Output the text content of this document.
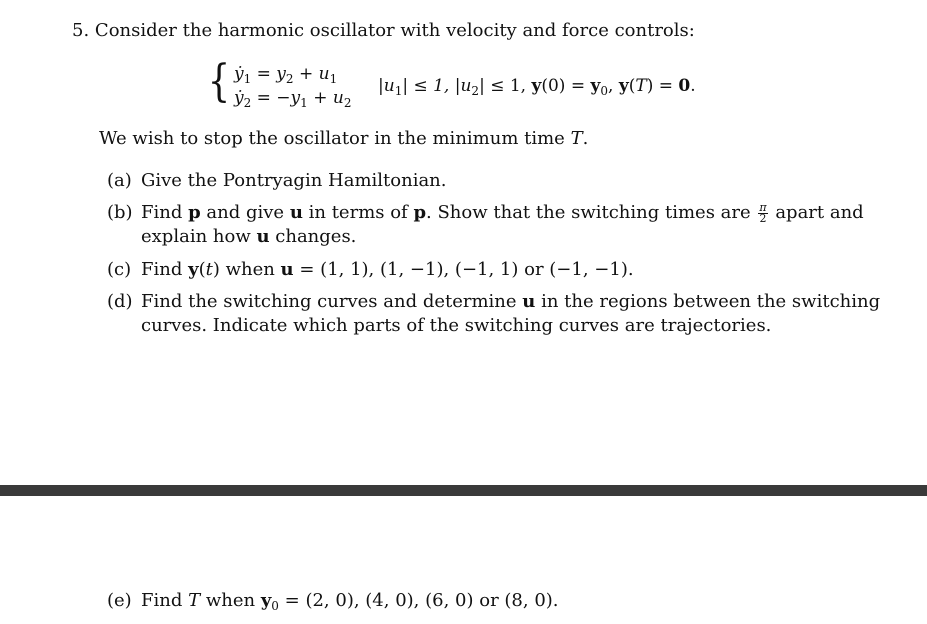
5. Consider the harmonic oscillator with velocity and force controls:
{ ẏ$_1$ = $y_2 + u_1$
ẏ$_2$ = $-y_1 + u_2$
$|u_1| \le 1$, $|u_2| \le 1$, $y(0) = y_0$, y(T) = 0.
We wish to stop the oscillator in the minimum time T.
(a) Give the Pontryagin Hamiltonian.
(b) Find p and give u in terms of p. Show that the switching times are $\frac{\pi}{2}$ apart and
explain how u changes.
(c) Find y(t) when u = (1, 1), (1, −1), (−1, 1) or (−1, −1).
(d) Find the switching curves and determine u in the regions between the switching
curves. Indicate which parts of the switching curves are trajectories.
(e) Find T when $y_0 = (2$, 0), (4, 0), (6, 0) or (8, 0).
